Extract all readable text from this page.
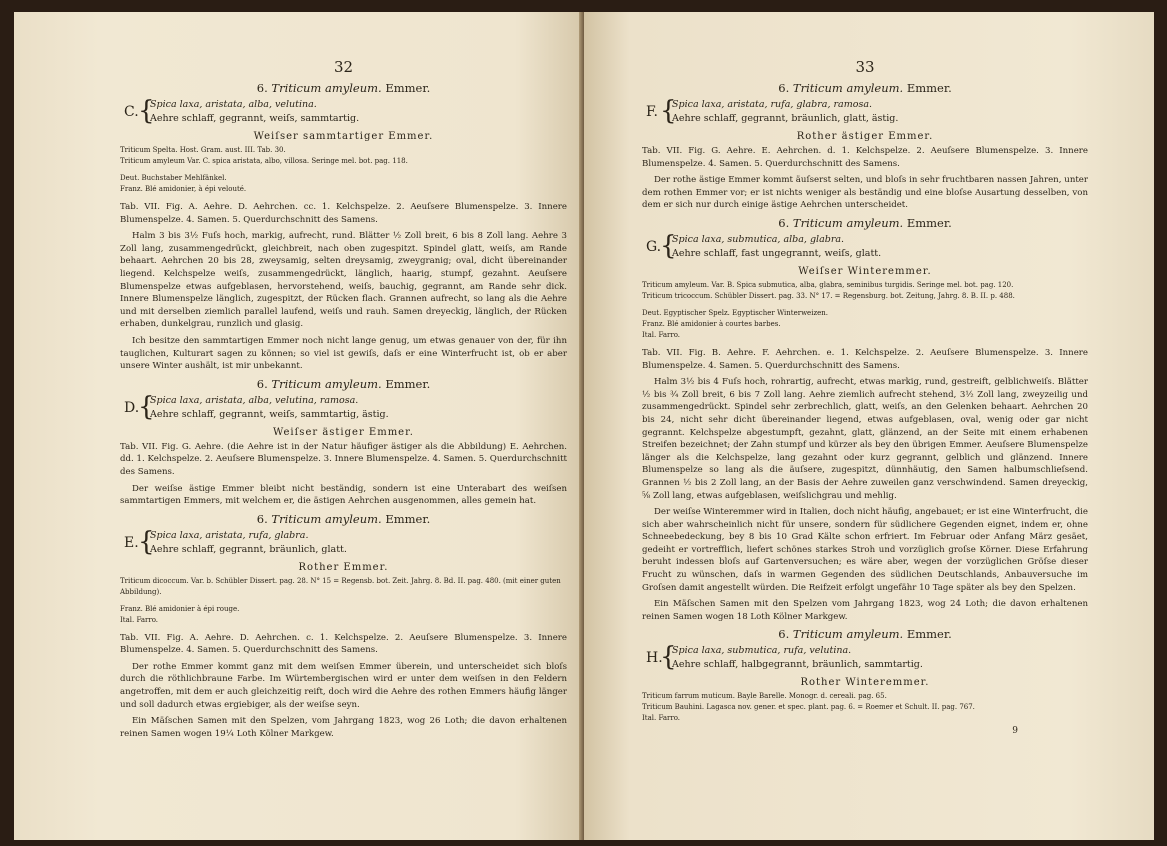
32
6. Triticum amyleum. Emmer.
C. {
Spica laxa, aristata, alba, velutina.
Aehre schlaff, gegrannt, weiſs, sammtartig.
Weiſser sammtartiger Emmer.

Triticum Spelta. Host. Gram. aust. III. Tab. 30.

Triticum amyleum Var. C. spica aristata, albo, villosa. Seringe mel. bot. pag. 118.

Deut. Buchstaber Mehlfänkel.

Franz. Blé amidonier, à épi velouté.

Tab. VII. Fig. A. Aehre. D. Aehrchen. cc. 1. Kelchspelze. 2. Aeuſsere Blumenspelze. 3. Innere Blumenspelze. 4. Samen. 5. Querdurchschnitt des Samens.

Halm 3 bis 3½ Fuſs hoch, markig, aufrecht, rund. Blätter ½ Zoll breit, 6 bis 8 Zoll lang. Aehre 3 Zoll lang, zusammengedrückt, gleichbreit, nach oben zugespitzt. Spindel glatt, weiſs, am Rande behaart. Aehrchen 20 bis 28, zweysamig, selten dreysamig, zweygranig; oval, dicht übereinander liegend. Kelchspelze weiſs, zusammengedrückt, länglich, haarig, stumpf, gezahnt. Aeuſsere Blumenspelze etwas aufgeblasen, hervorstehend, weiſs, bauchig, gegrannt, am Rande sehr dick. Innere Blumenspelze länglich, zugespitzt, der Rücken flach. Grannen aufrecht, so lang als die Aehre und mit derselben ziemlich parallel laufend, weiſs und rauh. Samen dreyeckig, länglich, der Rücken erhaben, dunkelgrau, runzlich und glasig.

Ich besitze den sammtartigen Emmer noch nicht lange genug, um etwas genauer von der, für ihn tauglichen, Kulturart sagen zu können; so viel ist gewiſs, daſs er eine Winterfrucht ist, ob er aber unsere Winter aushält, ist mir unbekannt.

6. Triticum amyleum. Emmer.
D.
{
Spica laxa, aristata, alba, velutina, ramosa.
Aehre schlaff, gegrannt, weiſs, sammtartig, ästig.
Weiſser ästiger Emmer.

Tab. VII. Fig. G. Aehre. (die Aehre ist in der Natur häufiger ästiger als die Abbildung) E. Aehrchen. dd. 1. Kelchspelze. 2. Aeuſsere Blumenspelze. 3. Innere Blumenspelze. 4. Samen. 5. Querdurchschnitt des Samens.

Der weiſse ästige Emmer bleibt nicht beständig, sondern ist eine Unterabart des weiſsen sammtartigen Emmers, mit welchem er, die ästigen Aehrchen ausgenommen, alles gemein hat.

6. Triticum amyleum. Emmer.
E. {
Spica laxa, aristata, rufa, glabra.
Aehre schlaff, gegrannt, bräunlich, glatt.
Rother Emmer.

Triticum dicoccum. Var. b. Schübler Dissert. pag. 28. N° 15 = Regensb. bot. Zeit. Jahrg. 8. Bd. II. pag. 480. (mit einer guten Abbildung).

Franz. Blé amidonier à épi rouge.

Ital. Farro.

Tab. VII. Fig. A. Aehre. D. Aehrchen. c. 1. Kelchspelze. 2. Aeuſsere Blumenspelze. 3. Innere Blumenspelze. 4. Samen. 5. Querdurchschnitt des Samens.

Der rothe Emmer kommt ganz mit dem weiſsen Emmer überein, und unterscheidet sich bloſs durch die röthlichbraune Farbe. Im Würtembergischen wird er unter dem weiſsen in den Feldern angetroffen, mit dem er auch gleichzeitig reift, doch wird die Aehre des rothen Emmers häufig länger und soll dadurch etwas ergiebiger, als der weiſse seyn.

Ein Mäſschen Samen mit den Spelzen, vom Jahrgang 1823, wog 26 Loth; die davon erhaltenen reinen Samen wogen 19¼ Loth Kölner Markgew.

33
6. Triticum amyleum. Emmer.
F. {
Spica laxa, aristata, rufa, glabra, ramosa.
Aehre schlaff, gegrannt, bräunlich, glatt, ästig.
Rother ästiger Emmer.

Tab. VII. Fig. G. Aehre. E. Aehrchen. d. 1. Kelchspelze. 2. Aeuſsere Blumenspelze. 3. Innere Blumenspelze. 4. Samen. 5. Querdurchschnitt des Samens.

Der rothe ästige Emmer kommt äuſserst selten, und bloſs in sehr fruchtbaren nassen Jahren, unter dem rothen Emmer vor; er ist nichts weniger als beständig und eine bloſse Ausartung desselben, von dem er sich nur durch einige ästige Aehrchen unterscheidet.

6. Triticum amyleum. Emmer.
G.
{
Spica laxa, submutica, alba, glabra.
Aehre schlaff, fast ungegrannt, weiſs, glatt.
Weiſser Winteremmer.

Triticum amyleum. Var. B. Spica submutica, alba, glabra, seminibus turgidis. Seringe mel. bot. pag. 120.

Triticum tricoccum. Schübler Dissert. pag. 33. N° 17. = Regensburg. bot. Zeitung, Jahrg. 8. B. II. p. 488.

Deut. Egyptischer Spelz. Egyptischer Winterweizen.

Franz. Blé amidonier à courtes barbes.

Ital. Farro.

Tab. VII. Fig. B. Aehre. F. Aehrchen. e. 1. Kelchspelze. 2. Aeuſsere Blumenspelze. 3. Innere Blumenspelze. 4. Samen. 5. Querdurchschnitt des Samens.

Halm 3½ bis 4 Fuſs hoch, rohrartig, aufrecht, etwas markig, rund, gestreift, gelblichweiſs. Blätter ½ bis ¾ Zoll breit, 6 bis 7 Zoll lang. Aehre ziemlich aufrecht stehend, 3½ Zoll lang, zweyzeilig und zusammengedrückt. Spindel sehr zerbrechlich, glatt, weiſs, an den Gelenken behaart. Aehrchen 20 bis 24, nicht sehr dicht übereinander liegend, etwas aufgeblasen, oval, wenig oder gar nicht gegrannt. Kelchspelze abgestumpft, gezahnt, glatt, glänzend, an der Seite mit einem erhabenen Streifen bezeichnet; der Zahn stumpf und kürzer als bey den übrigen Emmer. Aeuſsere Blumenspelze länger als die Kelchspelze, lang gezahnt oder kurz gegrannt, gelblich und glänzend. Innere Blumenspelze so lang als die äuſsere, zugespitzt, dünnhäutig, den Samen halbumschlieſsend. Grannen ½ bis 2 Zoll lang, an der Basis der Aehre zuweilen ganz verschwindend. Samen dreyeckig, ⅝ Zoll lang, etwas aufgeblasen, weiſslichgrau und mehlig.

Der weiſse Winteremmer wird in Italien, doch nicht häufig, angebauet; er ist eine Winterfrucht, die sich aber wahrscheinlich nicht für unsere, sondern für südlichere Gegenden eignet, indem er, ohne Schneebedeckung, bey 8 bis 10 Grad Kälte schon erfriert. Im Februar oder Anfang März gesäet, gedeiht er vortrefflich, liefert schönes starkes Stroh und vorzüglich groſse Körner. Diese Erfahrung beruht indessen bloſs auf Gartenversuchen; es wäre aber, wegen der vorzüglichen Gröſse dieser Frucht zu wünschen, daſs in warmen Gegenden des südlichen Deutschlands, Anbauversuche im Groſsen damit angestellt würden. Die Reifzeit erfolgt ungefähr 10 Tage später als bey den Spelzen.

Ein Mäſschen Samen mit den Spelzen vom Jahrgang 1823, wog 24 Loth; die davon erhaltenen reinen Samen wogen 18 Loth Kölner Markgew.

6. Triticum amyleum. Emmer.
H.
{
Spica laxa, submutica, rufa, velutina.
Aehre schlaff, halbgegrannt, bräunlich, sammtartig.
Rother Winteremmer.

Triticum farrum muticum. Bayle Barelle. Monogr. d. cereali. pag. 65.

Triticum Bauhini. Lagasca nov. gener. et spec. plant. pag. 6. = Roemer et Schult. II. pag. 767.

Ital. Farro.

9
